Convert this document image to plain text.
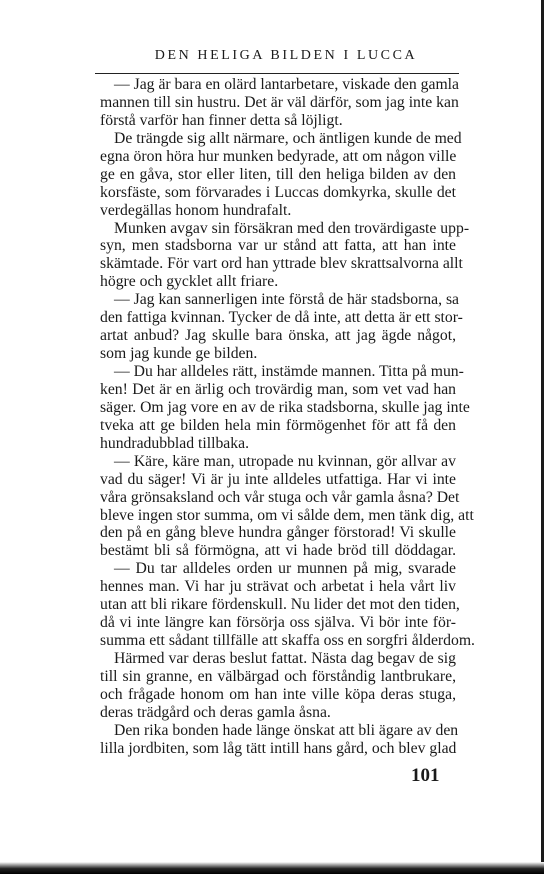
DEN HELIGA BILDEN I LUCCA
— Jag är bara en olärd lantarbetare, viskade den gamla
mannen till sin hustru. Det är väl därför, som jag inte kan
förstå varför han finner detta så löjligt.
De trängde sig allt närmare, och äntligen kunde de med
egna öron höra hur munken bedyrade, att om någon ville
ge en gåva, stor eller liten, till den heliga bilden av den
korsfäste, som förvarades i Luccas domkyrka, skulle det
verdegällas honom hundrafalt.
Munken avgav sin försäkran med den trovärdigaste upp-
syn, men stadsborna var ur stånd att fatta, att han inte
skämtade. För vart ord han yttrade blev skrattsalvorna allt
högre och gycklet allt friare.
— Jag kan sannerligen inte förstå de här stadsborna, sa
den fattiga kvinnan. Tycker de då inte, att detta är ett stor-
artat anbud? Jag skulle bara önska, att jag ägde något,
som jag kunde ge bilden.
— Du har alldeles rätt, instämde mannen. Titta på mun-
ken! Det är en ärlig och trovärdig man, som vet vad han
säger. Om jag vore en av de rika stadsborna, skulle jag inte
tveka att ge bilden hela min förmögenhet för att få den
hundradubblad tillbaka.
— Käre, käre man, utropade nu kvinnan, gör allvar av
vad du säger! Vi är ju inte alldeles utfattiga. Har vi inte
våra grönsaksland och vår stuga och vår gamla åsna? Det
bleve ingen stor summa, om vi sålde dem, men tänk dig, att
den på en gång bleve hundra gånger förstorad! Vi skulle
bestämt bli så förmögna, att vi hade bröd till döddagar.
— Du tar alldeles orden ur munnen på mig, svarade
hennes man. Vi har ju strävat och arbetat i hela vårt liv
utan att bli rikare fördenskull. Nu lider det mot den tiden,
då vi inte längre kan försörja oss själva. Vi bör inte för-
summa ett sådant tillfälle att skaffa oss en sorgfri ålderdom.
Härmed var deras beslut fattat. Nästa dag begav de sig
till sin granne, en välbärgad och förståndig lantbrukare,
och frågade honom om han inte ville köpa deras stuga,
deras trädgård och deras gamla åsna.
Den rika bonden hade länge önskat att bli ägare av den
lilla jordbiten, som låg tätt intill hans gård, och blev glad
101
